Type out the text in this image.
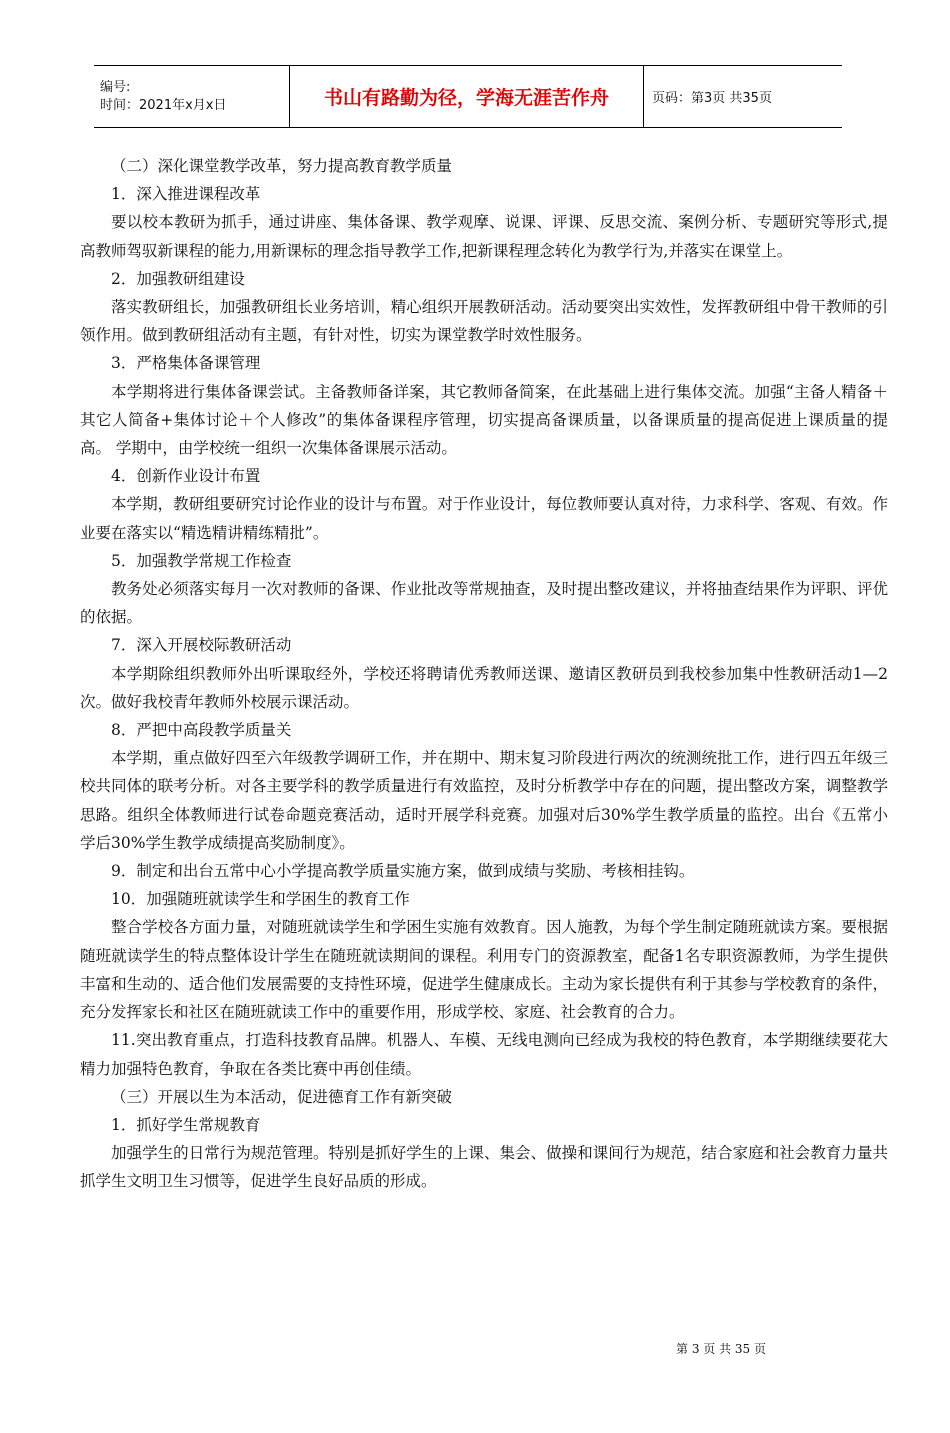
编号:
时间：2021年x月x日	书山有路勤为径，学海无涯苦作舟	页码：第3页 共35页

（二）深化课堂教学改革，努力提高教育教学质量

1．深入推进课程改革

要以校本教研为抓手，通过讲座、集体备课、教学观摩、说课、评课、反思交流、案例分析、专题研究等形式,提高教师驾驭新课程的能力,用新课标的理念指导教学工作,把新课程理念转化为教学行为,并落实在课堂上。

2．加强教研组建设

落实教研组长，加强教研组长业务培训，精心组织开展教研活动。活动要突出实效性，发挥教研组中骨干教师的引领作用。做到教研组活动有主题，有针对性，切实为课堂教学时效性服务。

3．严格集体备课管理

本学期将进行集体备课尝试。主备教师备详案，其它教师备简案，在此基础上进行集体交流。加强“主备人精备＋其它人简备+集体讨论＋个人修改”的集体备课程序管理，切实提高备课质量，以备课质量的提高促进上课质量的提高。 学期中，由学校统一组织一次集体备课展示活动。

4．创新作业设计布置

本学期，教研组要研究讨论作业的设计与布置。对于作业设计，每位教师要认真对待，力求科学、客观、有效。作业要在落实以“精选精讲精练精批”。

5．加强教学常规工作检查

教务处必须落实每月一次对教师的备课、作业批改等常规抽查，及时提出整改建议，并将抽查结果作为评职、评优的依据。

7．深入开展校际教研活动

本学期除组织教师外出听课取经外，学校还将聘请优秀教师送课、邀请区教研员到我校参加集中性教研活动1—2次。做好我校青年教师外校展示课活动。

8．严把中高段教学质量关

本学期，重点做好四至六年级教学调研工作，并在期中、期末复习阶段进行两次的统测统批工作，进行四五年级三校共同体的联考分析。对各主要学科的教学质量进行有效监控，及时分析教学中存在的问题，提出整改方案，调整教学思路。组织全体教师进行试卷命题竞赛活动，适时开展学科竞赛。加强对后30%学生教学质量的监控。出台《五常小学后30%学生教学成绩提高奖励制度》。

9．制定和出台五常中心小学提高教学质量实施方案，做到成绩与奖励、考核相挂钩。

10．加强随班就读学生和学困生的教育工作

整合学校各方面力量，对随班就读学生和学困生实施有效教育。因人施教，为每个学生制定随班就读方案。要根据随班就读学生的特点整体设计学生在随班就读期间的课程。利用专门的资源教室，配备1名专职资源教师，为学生提供丰富和生动的、适合他们发展需要的支持性环境，促进学生健康成长。主动为家长提供有利于其参与学校教育的条件，充分发挥家长和社区在随班就读工作中的重要作用，形成学校、家庭、社会教育的合力。

11.突出教育重点，打造科技教育品牌。机器人、车模、无线电测向已经成为我校的特色教育，本学期继续要花大精力加强特色教育，争取在各类比赛中再创佳绩。

（三）开展以生为本活动，促进德育工作有新突破

1．抓好学生常规教育

加强学生的日常行为规范管理。特别是抓好学生的上课、集会、做操和课间行为规范，结合家庭和社会教育力量共抓学生文明卫生习惯等，促进学生良好品质的形成。

第 3 页 共 35 页
